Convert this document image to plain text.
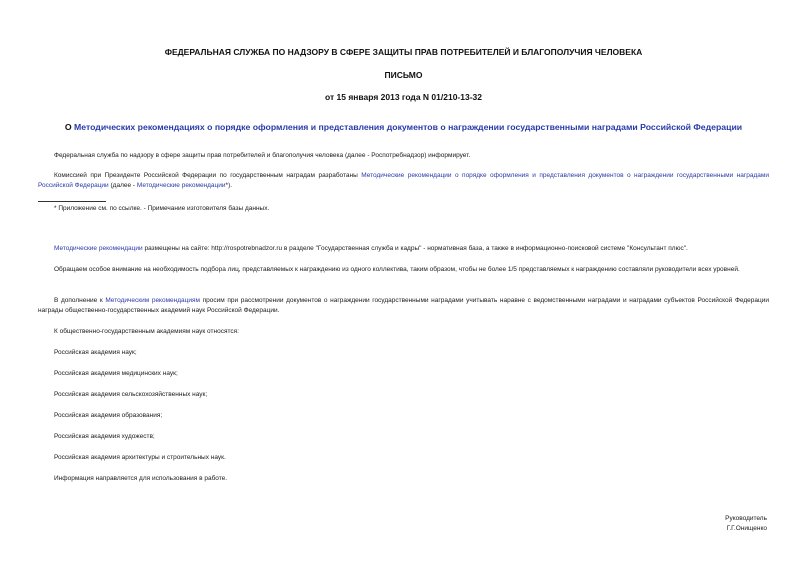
ФЕДЕРАЛЬНАЯ СЛУЖБА ПО НАДЗОРУ В СФЕРЕ ЗАЩИТЫ ПРАВ ПОТРЕБИТЕЛЕЙ И БЛАГОПОЛУЧИЯ ЧЕЛОВЕКА
ПИСЬМО
от 15 января 2013 года N 01/210-13-32
О Методических рекомендациях о порядке оформления и представления документов о награждении государственными наградами Российской Федерации
Федеральная служба по надзору в сфере защиты прав потребителей и благополучия человека (далее - Роспотребнадзор) информирует.
Комиссией при Президенте Российской Федерации по государственным наградам разработаны Методические рекомендации о порядке оформления и представления документов о награждении государственными наградами Российской Федерации (далее - Методические рекомендации*).
* Приложение см. по ссылке. - Примечание изготовителя базы данных.
Методические рекомендации размещены на сайте: http://rospotrebnadzor.ru в разделе "Государственная служба и кадры" - нормативная база, а также в информационно-поисковой системе "Консультант плюс".
Обращаем особое внимание на необходимость подбора лиц, представляемых к награждению из одного коллектива, таким образом, чтобы не более 1/5 представляемых к награждению составляли руководители всех уровней.
В дополнение к Методическим рекомендациям просим при рассмотрении документов о награждении государственными наградами учитывать наравне с ведомственными наградами и наградами субъектов Российской Федерации награды общественно-государственных академий наук Российской Федерации.
К общественно-государственным академиям наук относятся:
Российская академия наук;
Российская академия медицинских наук;
Российская академия сельскохозяйственных наук;
Российская академия образования;
Российская академия художеств;
Российская академия архитектуры и строительных наук.
Информация направляется для использования в работе.
Руководитель
Г.Г.Онищенко
